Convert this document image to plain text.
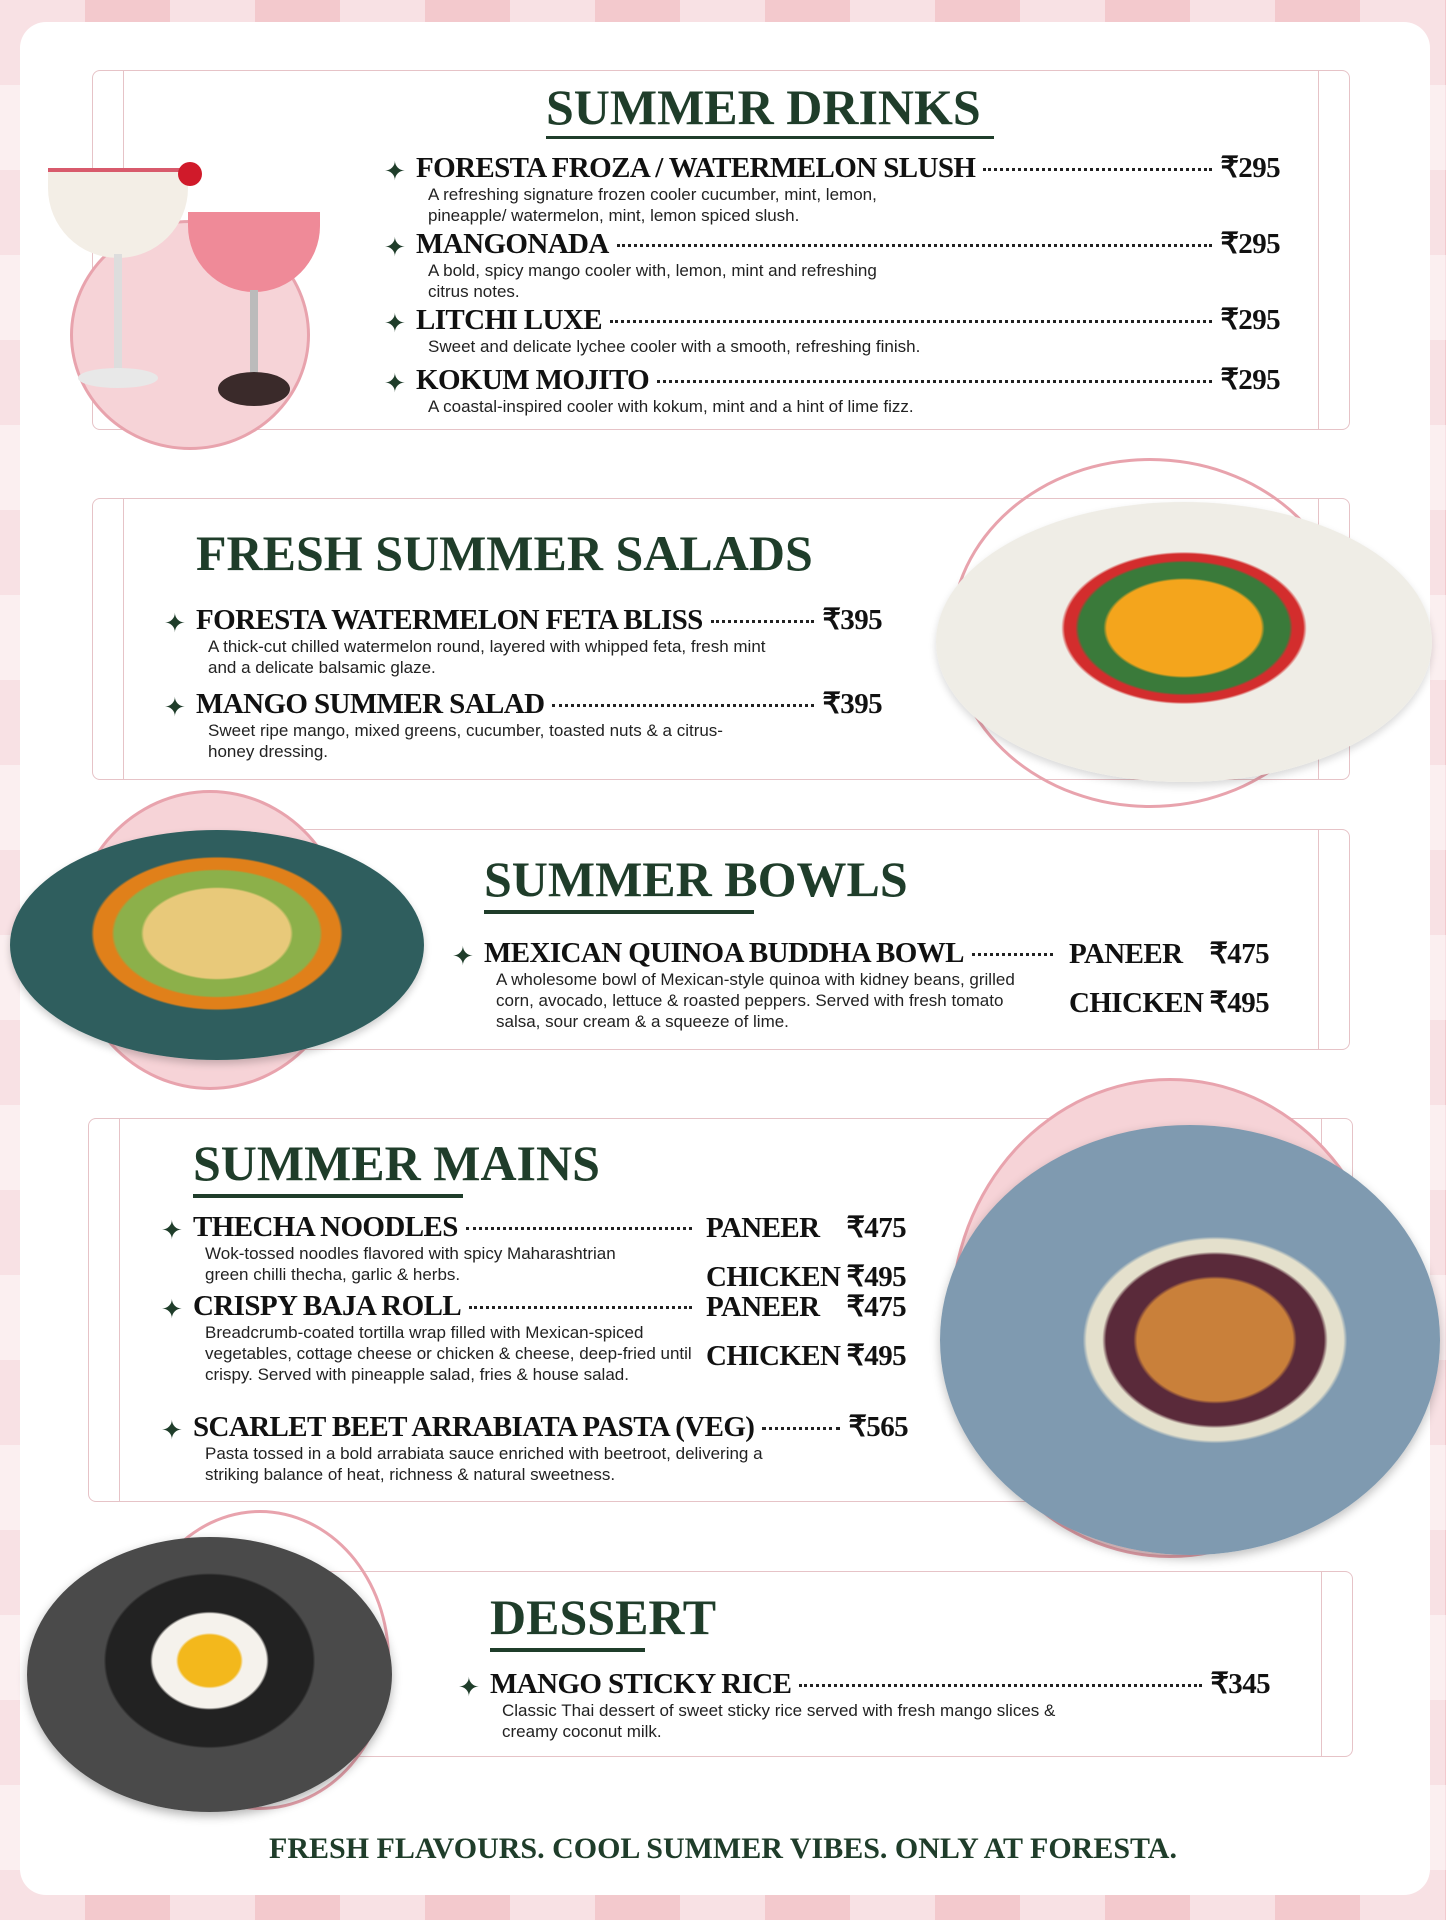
SUMMER DRINKS
✦ FORESTA FROZA / WATERMELON SLUSH	₹295
A refreshing signature frozen cooler cucumber, mint, lemon, pineapple/ watermelon, mint, lemon spiced slush.
✦ MANGONADA	₹295
A bold, spicy mango cooler with, lemon, mint and refreshing citrus notes.
✦ LITCHI LUXE	₹295
Sweet and delicate lychee cooler with a smooth, refreshing finish.
✦ KOKUM MOJITO	₹295
A coastal-inspired cooler with kokum, mint and a hint of lime fizz.
FRESH SUMMER SALADS
✦ FORESTA WATERMELON FETA BLISS	₹395
A thick-cut chilled watermelon round, layered with whipped feta, fresh mint and a delicate balsamic glaze.
✦ MANGO SUMMER SALAD	₹395
Sweet ripe mango, mixed greens, cucumber, toasted nuts & a citrus-honey dressing.
SUMMER BOWLS
✦ MEXICAN QUINOA BUDDHA BOWL
A wholesome bowl of Mexican-style quinoa with kidney beans, grilled corn, avocado, lettuce & roasted peppers. Served with fresh tomato salsa, sour cream & a squeeze of lime.
PANEER ₹475
CHICKEN ₹495
SUMMER MAINS
✦ THECHA NOODLES
Wok-tossed noodles flavored with spicy Maharashtrian green chilli thecha, garlic & herbs.
PANEER ₹475
CHICKEN ₹495
✦ CRISPY BAJA ROLL
Breadcrumb-coated tortilla wrap filled with Mexican-spiced vegetables, cottage cheese or chicken & cheese, deep-fried until crispy. Served with pineapple salad, fries & house salad.
PANEER ₹475
CHICKEN ₹495
✦ SCARLET BEET ARRABIATA PASTA (VEG)	₹565
Pasta tossed in a bold arrabiata sauce enriched with beetroot, delivering a striking balance of heat, richness & natural sweetness.
DESSERT
✦ MANGO STICKY RICE	₹345
Classic Thai dessert of sweet sticky rice served with fresh mango slices & creamy coconut milk.
FRESH FLAVOURS. COOL SUMMER VIBES. ONLY AT FORESTA.
